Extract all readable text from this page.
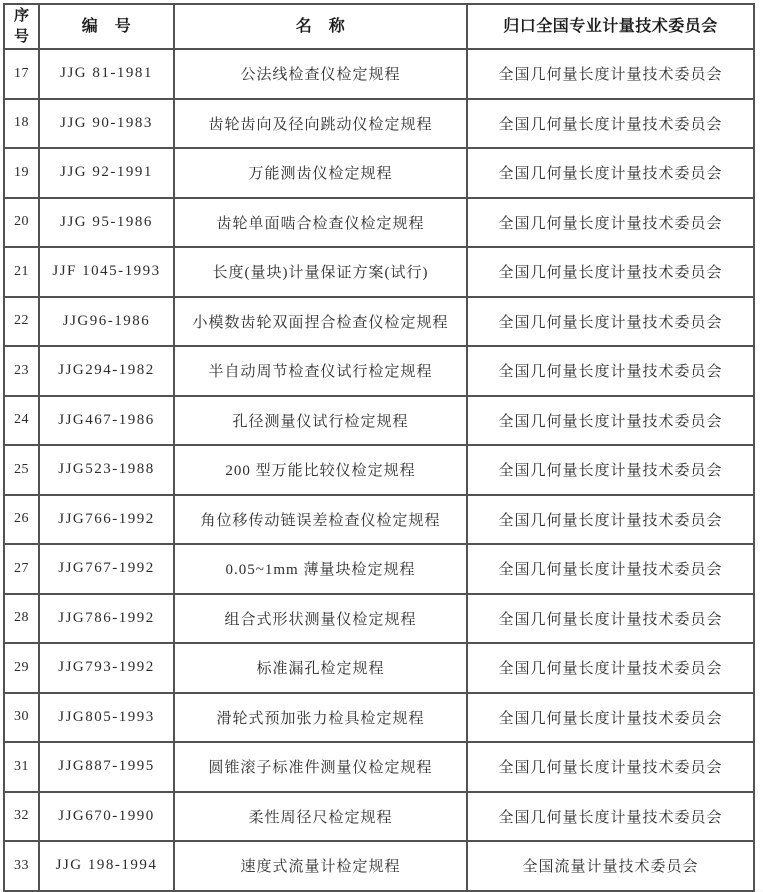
序号	编　号	名　称	归口全国专业计量技术委员会
17	JJG 81-1981	公法线检查仪检定规程	全国几何量长度计量技术委员会
18	JJG 90-1983	齿轮齿向及径向跳动仪检定规程	全国几何量长度计量技术委员会
19	JJG 92-1991	万能测齿仪检定规程	全国几何量长度计量技术委员会
20	JJG 95-1986	齿轮单面啮合检查仪检定规程	全国几何量长度计量技术委员会
21	JJF 1045-1993	长度(量块)计量保证方案(试行)	全国几何量长度计量技术委员会
22	JJG96-1986	小模数齿轮双面捏合检查仪检定规程	全国几何量长度计量技术委员会
23	JJG294-1982	半自动周节检查仪试行检定规程	全国几何量长度计量技术委员会
24	JJG467-1986	孔径测量仪试行检定规程	全国几何量长度计量技术委员会
25	JJG523-1988	200 型万能比较仪检定规程	全国几何量长度计量技术委员会
26	JJG766-1992	角位移传动链误差检查仪检定规程	全国几何量长度计量技术委员会
27	JJG767-1992	0.05~1mm 薄量块检定规程	全国几何量长度计量技术委员会
28	JJG786-1992	组合式形状测量仪检定规程	全国几何量长度计量技术委员会
29	JJG793-1992	标准漏孔检定规程	全国几何量长度计量技术委员会
30	JJG805-1993	滑轮式预加张力检具检定规程	全国几何量长度计量技术委员会
31	JJG887-1995	圆锥滚子标准件测量仪检定规程	全国几何量长度计量技术委员会
32	JJG670-1990	柔性周径尺检定规程	全国几何量长度计量技术委员会
33	JJG 198-1994	速度式流量计检定规程	全国流量计量技术委员会
